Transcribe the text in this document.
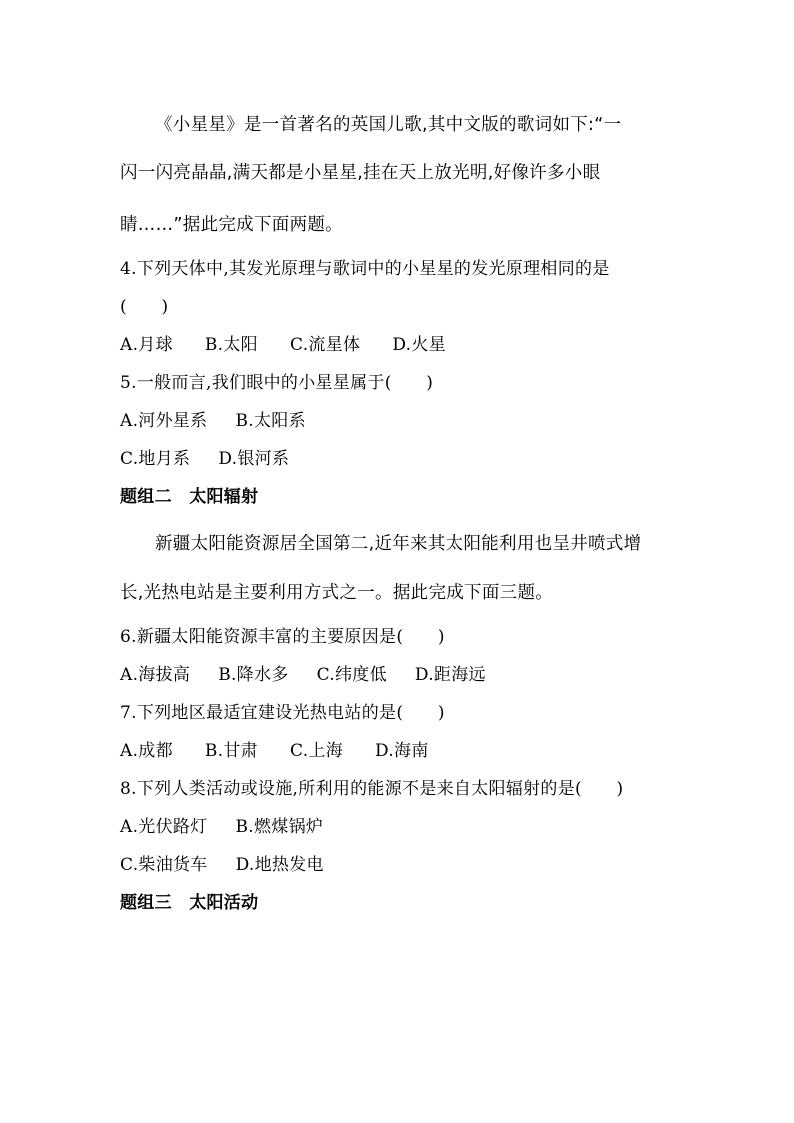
《小星星》是一首著名的英国儿歌,其中文版的歌词如下:“一
闪一闪亮晶晶,满天都是小星星,挂在天上放光明,好像许多小眼
睛……”据此完成下面两题。
4.下列天体中,其发光原理与歌词中的小星星的发光原理相同的是
(　　)
A.月球 B.太阳 C.流星体 D.火星
5.一般而言,我们眼中的小星星属于(　　)
A.河外星系 B.太阳系
C.地月系 D.银河系
题组二　太阳辐射
新疆太阳能资源居全国第二,近年来其太阳能利用也呈井喷式增
长,光热电站是主要利用方式之一。据此完成下面三题。
6.新疆太阳能资源丰富的主要原因是(　　)
A.海拔高 B.降水多 C.纬度低 D.距海远
7.下列地区最适宜建设光热电站的是(　　)
A.成都 B.甘肃 C.上海 D.海南
8.下列人类活动或设施,所利用的能源不是来自太阳辐射的是(　　)
A.光伏路灯 B.燃煤锅炉
C.柴油货车 D.地热发电
题组三　太阳活动
